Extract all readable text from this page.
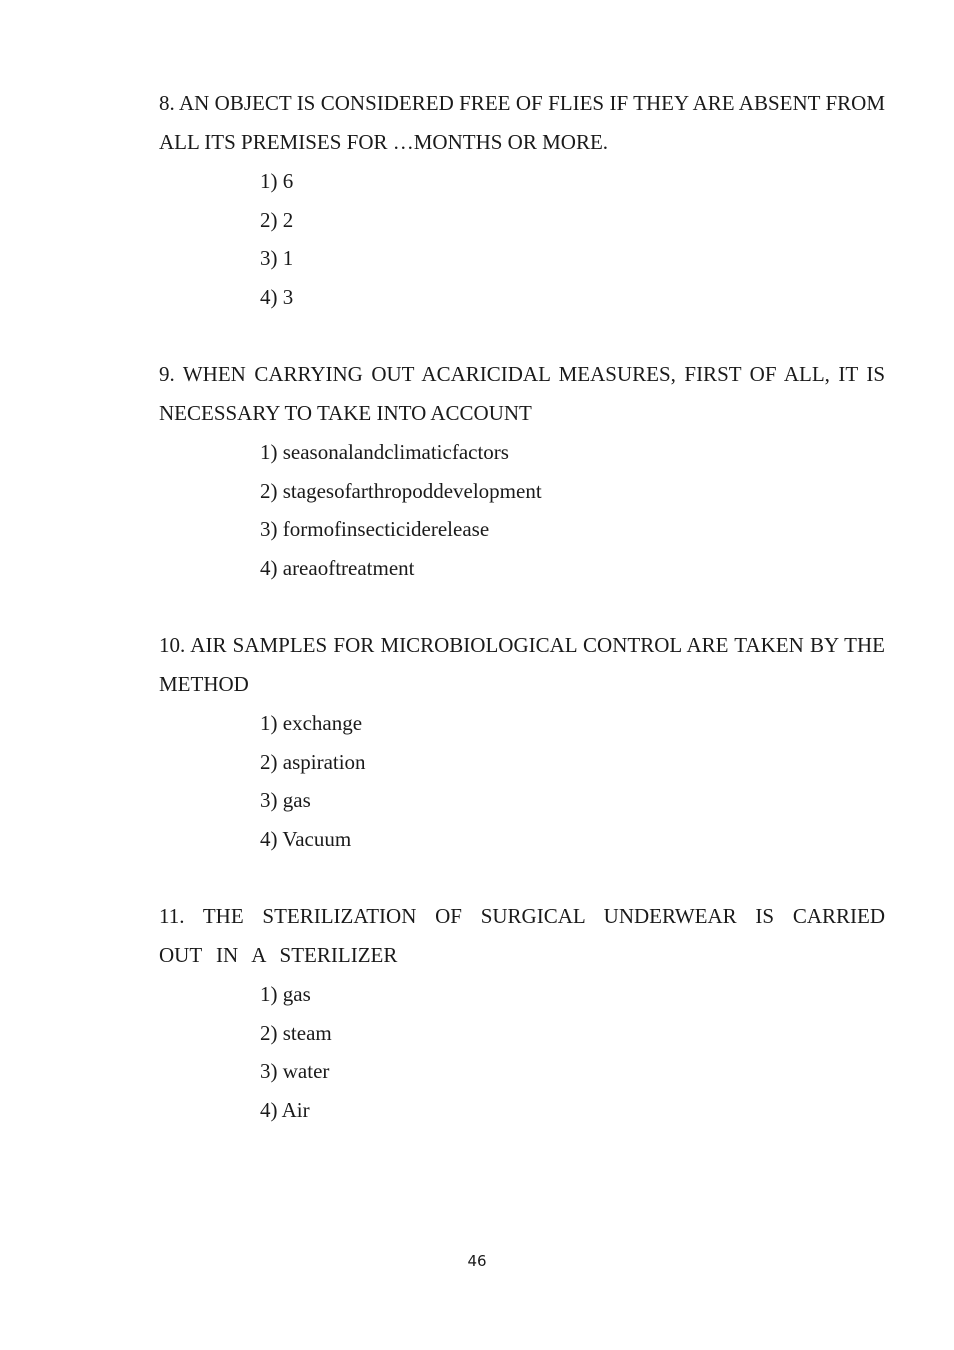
8. AN OBJECT IS CONSIDERED FREE OF FLIES IF THEY ARE ABSENT FROM ALL ITS PREMISES FOR …MONTHS OR MORE.

1) 6
2) 2
3) 1
4) 3

9. WHEN CARRYING OUT ACARICIDAL MEASURES, FIRST OF ALL, IT IS NECESSARY TO TAKE INTO ACCOUNT

1) seasonalandclimaticfactors
2) stagesofarthropoddevelopment
3) formofinsecticiderelease
4) areaoftreatment

10. AIR SAMPLES FOR MICROBIOLOGICAL CONTROL ARE TAKEN BY THE METHOD

1) exchange
2) aspiration
3) gas
4) Vacuum

11. THE STERILIZATION OF SURGICAL UNDERWEAR IS CARRIED OUT IN A STERILIZER

1) gas
2) steam
3) water
4) Air
46
